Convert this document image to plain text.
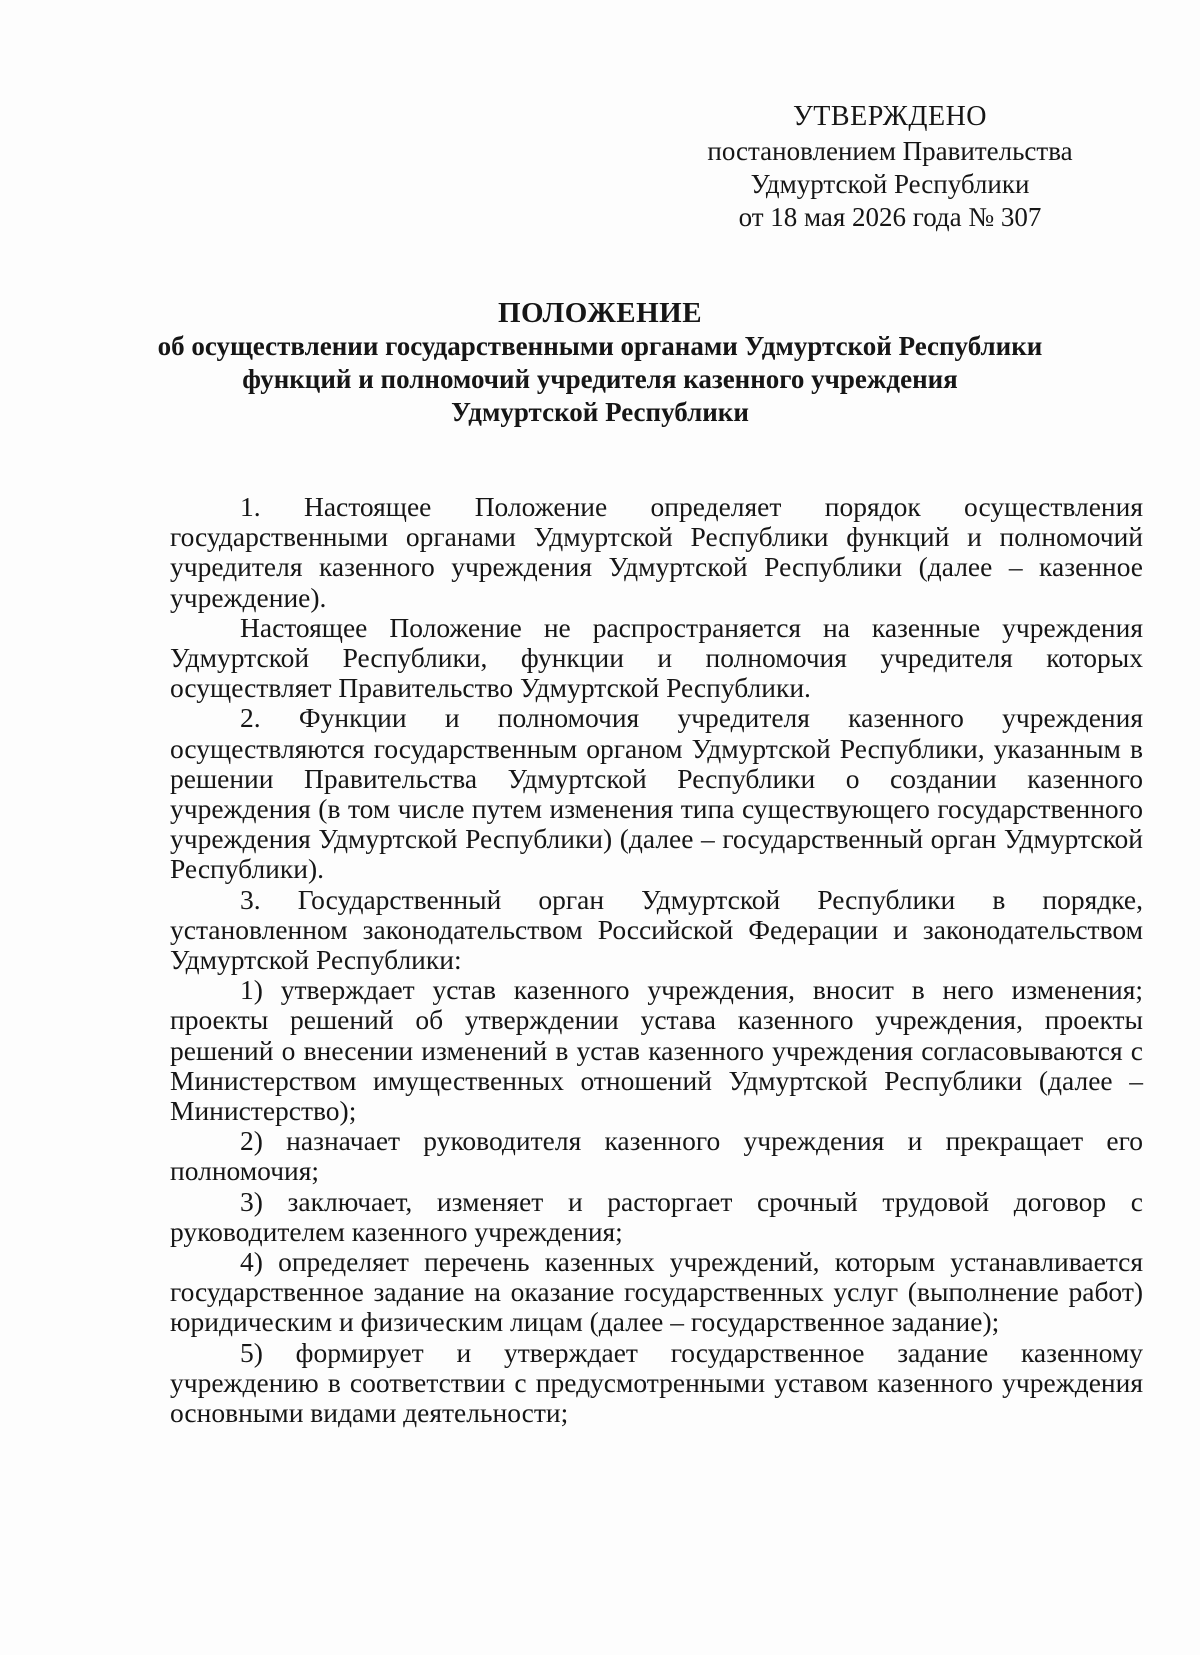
УТВЕРЖДЕНО
постановлением Правительства
Удмуртской Республики
от 18 мая 2026 года № 307
ПОЛОЖЕНИЕ
об осуществлении государственными органами Удмуртской Республики
функций и полномочий учредителя казенного учреждения
Удмуртской Республики

1. Настоящее Положение определяет порядок осуществления государственными органами Удмуртской Республики функций и полномочий учредителя казенного учреждения Удмуртской Республики (далее – казенное учреждение).

Настоящее Положение не распространяется на казенные учреждения Удмуртской Республики, функции и полномочия учредителя которых осуществляет Правительство Удмуртской Республики.

2. Функции и полномочия учредителя казенного учреждения осуществляются государственным органом Удмуртской Республики, указанным в решении Правительства Удмуртской Республики о создании казенного учреждения (в том числе путем изменения типа существующего государственного учреждения Удмуртской Республики) (далее – государственный орган Удмуртской Республики).

3. Государственный орган Удмуртской Республики в порядке, установленном законодательством Российской Федерации и законодательством Удмуртской Республики:

1) утверждает устав казенного учреждения, вносит в него изменения; проекты решений об утверждении устава казенного учреждения, проекты решений о внесении изменений в устав казенного учреждения согласовываются с Министерством имущественных отношений Удмуртской Республики (далее – Министерство);

2) назначает руководителя казенного учреждения и прекращает его полномочия;

3) заключает, изменяет и расторгает срочный трудовой договор с руководителем казенного учреждения;

4) определяет перечень казенных учреждений, которым устанавливается государственное задание на оказание государственных услуг (выполнение работ) юридическим и физическим лицам (далее – государственное задание);

5) формирует и утверждает государственное задание казенному учреждению в соответствии с предусмотренными уставом казенного учреждения основными видами деятельности;
